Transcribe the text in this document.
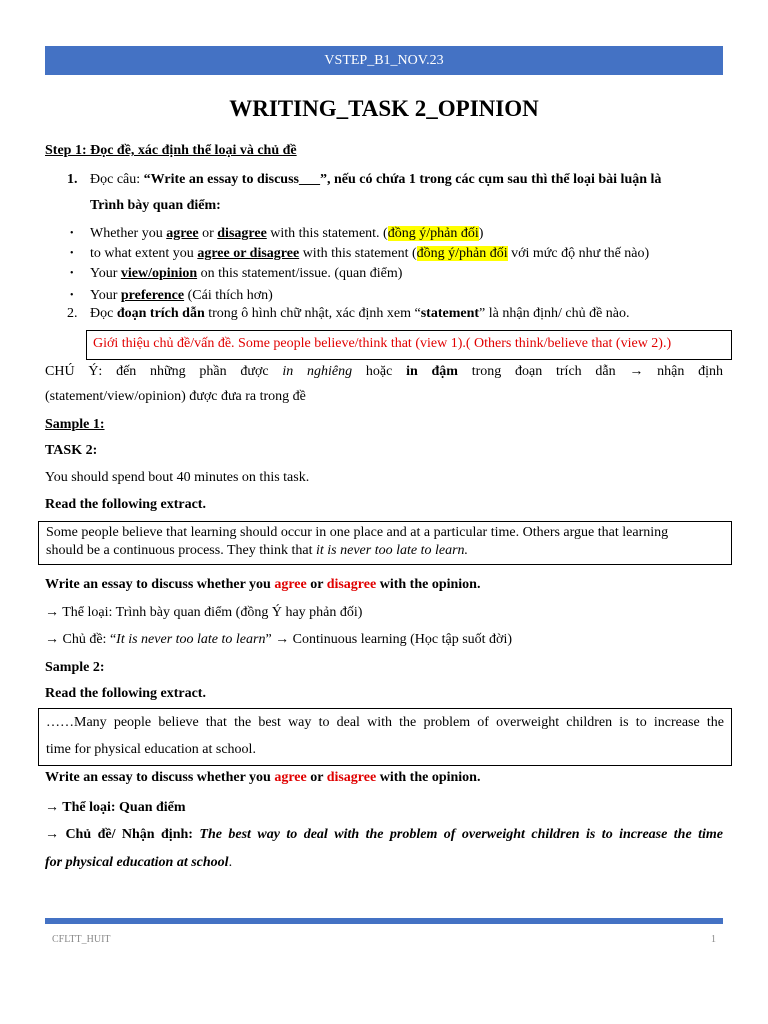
VSTEP_B1_NOV.23
WRITING_TASK 2_OPINION
Step 1: Đọc đề, xác định thể loại và chủ đề
1. Đọc câu: “Write an essay to discuss___”, nếu có chứa 1 trong các cụm sau thì thể loại bài luận là
Trình bày quan điểm:
• Whether you agree or disagree with this statement. (đồng ý/phản đối)
• to what extent you agree or disagree with this statement (đồng ý/phản đối với mức độ như thế nào)
• Your view/opinion on this statement/issue. (quan điểm)
• Your preference (Cái thích hơn)
2. Đọc đoạn trích dẫn trong ô hình chữ nhật, xác định xem “statement” là nhận định/ chủ đề nào.
Giới thiệu chủ đề/vấn đề. Some people believe/think that (view 1).( Others think/believe that (view 2).)
CHÚ Ý: đến những phần được in nghiêng hoặc in đậm trong đoạn trích dẫn → nhận định
(statement/view/opinion) được đưa ra trong đề
Sample 1:
TASK 2:
You should spend bout 40 minutes on this task.
Read the following extract.
Some people believe that learning should occur in one place and at a particular time. Others argue that learning
should be a continuous process. They think that it is never too late to learn.
Write an essay to discuss whether you agree or disagree with the opinion.
→ Thể loại: Trình bày quan điểm (đồng Ý hay phản đối)
→ Chủ đề: “It is never too late to learn” → Continuous learning (Học tập suốt đời)
Sample 2:
Read the following extract.
……Many people believe that the best way to deal with the problem of overweight children is to increase the
time for physical education at school.
Write an essay to discuss whether you agree or disagree with the opinion.
→ Thể loại: Quan điểm
→ Chủ đề/ Nhận định: The best way to deal with the problem of overweight children is to increase the time
for physical education at school.
CFLTT_HUIT	1
